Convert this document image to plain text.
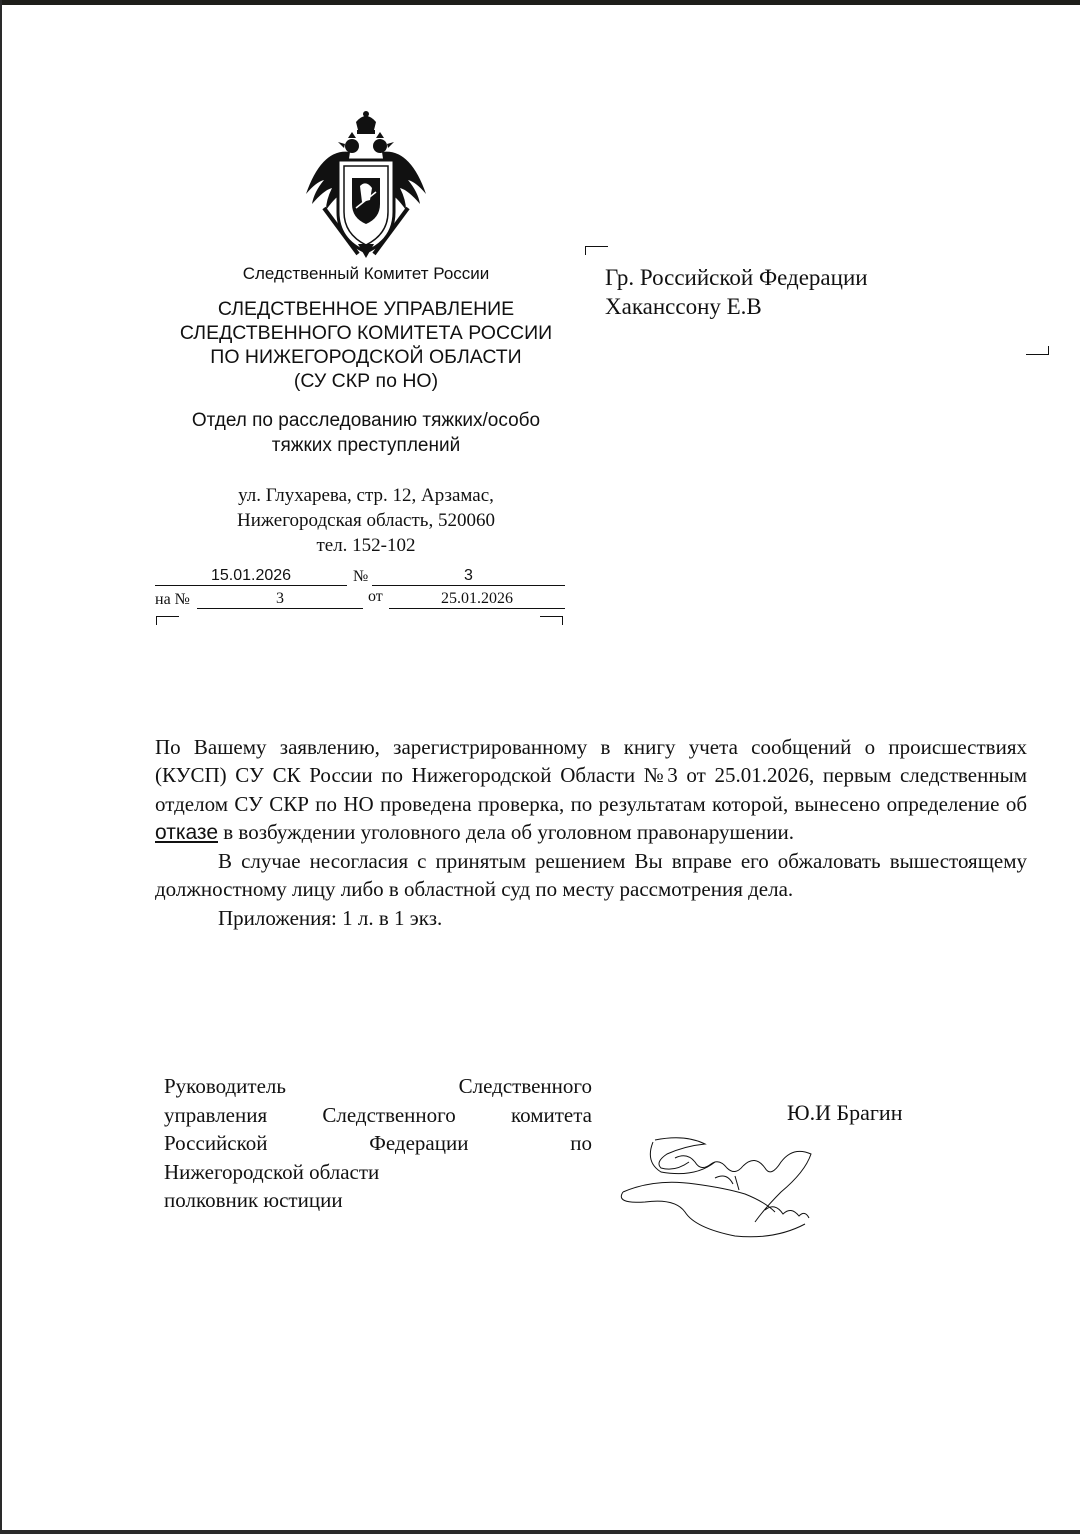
Следственный Комитет России
СЛЕДСТВЕННОЕ УПРАВЛЕНИЕ
СЛЕДСТВЕННОГО КОМИТЕТА РОССИИ
ПО НИЖЕГОРОДСКОЙ ОБЛАСТИ
(СУ СКР по НО)
Отдел по расследованию тяжких/особо
тяжких преступлений
ул. Глухарева, стр. 12, Арзамас,
Нижегородская область, 520060
тел. 152-102
15.01.2026	№	3
на №	3	от	25.01.2026
Гр. Российской Федерации
Хаканссону Е.В

По Вашему заявлению, зарегистрированному в книгу учета сообщений о происшествиях (КУСП) СУ СК России по Нижегородской Области №3 от 25.01.2026, первым следственным отделом СУ СКР по НО проведена проверка, по результатам которой, вынесено определение об отказе в возбуждении уголовного дела об уголовном правонарушении.

В случае несогласия с принятым решением Вы вправе его обжаловать вышестоящему должностному лицу либо в областной суд по месту рассмотрения дела.

Приложения: 1 л. в 1 экз.

Руководитель Следственного
управления Следственного комитета
Российской Федерации по
Нижегородской области
полковник юстиции
Ю.И Брагин
